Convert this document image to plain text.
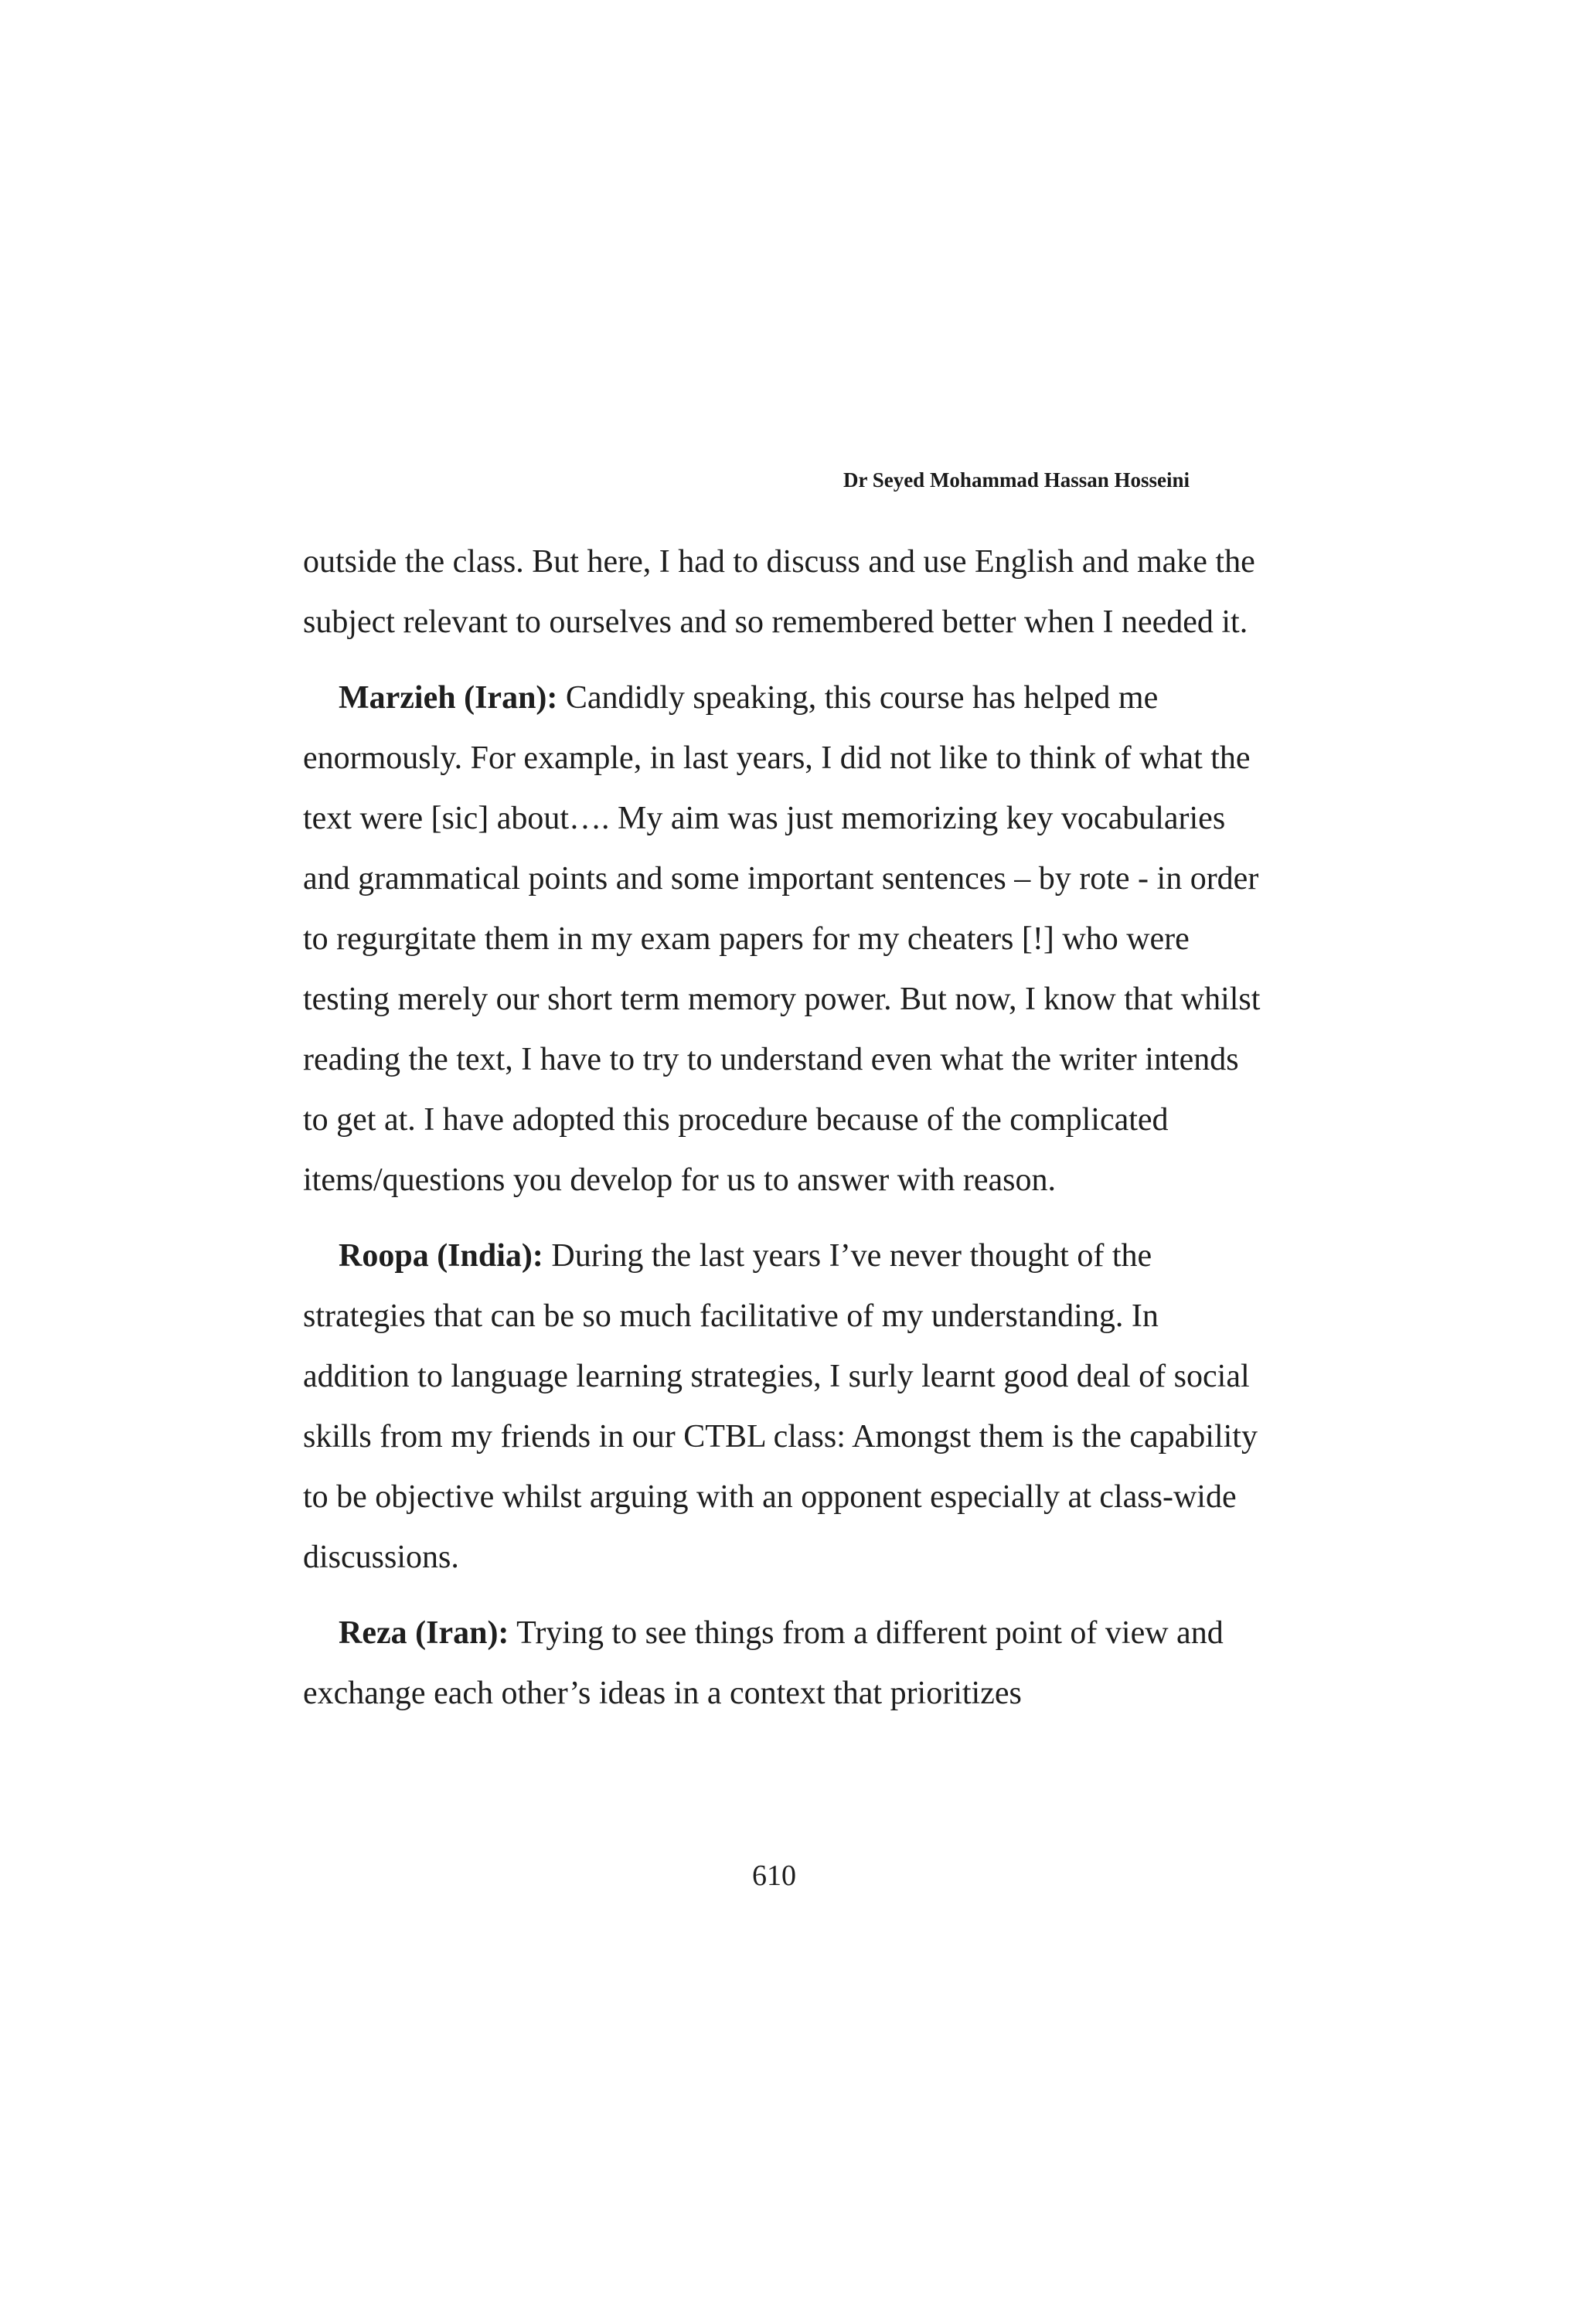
Dr Seyed Mohammad Hassan Hosseini

outside the class. But here, I had to discuss and use English and make the subject relevant to ourselves and so remembered better when I needed it.

Marzieh (Iran): Candidly speaking, this course has helped me enormously. For example, in last years, I did not like to think of what the text were [sic] about…. My aim was just memorizing key vocabularies and grammatical points and some important sentences – by rote - in order to regurgitate them in my exam papers for my cheaters [!] who were testing merely our short term memory power. But now, I know that whilst reading the text, I have to try to understand even what the writer intends to get at. I have adopted this procedure because of the complicated items/questions you develop for us to answer with reason.

Roopa (India): During the last years I’ve never thought of the strategies that can be so much facilitative of my understanding. In addition to language learning strategies, I surly learnt good deal of social skills from my friends in our CTBL class: Amongst them is the capability to be objective whilst arguing with an opponent especially at class-wide discussions.

Reza (Iran): Trying to see things from a different point of view and exchange each other’s ideas in a context that prioritizes

610
